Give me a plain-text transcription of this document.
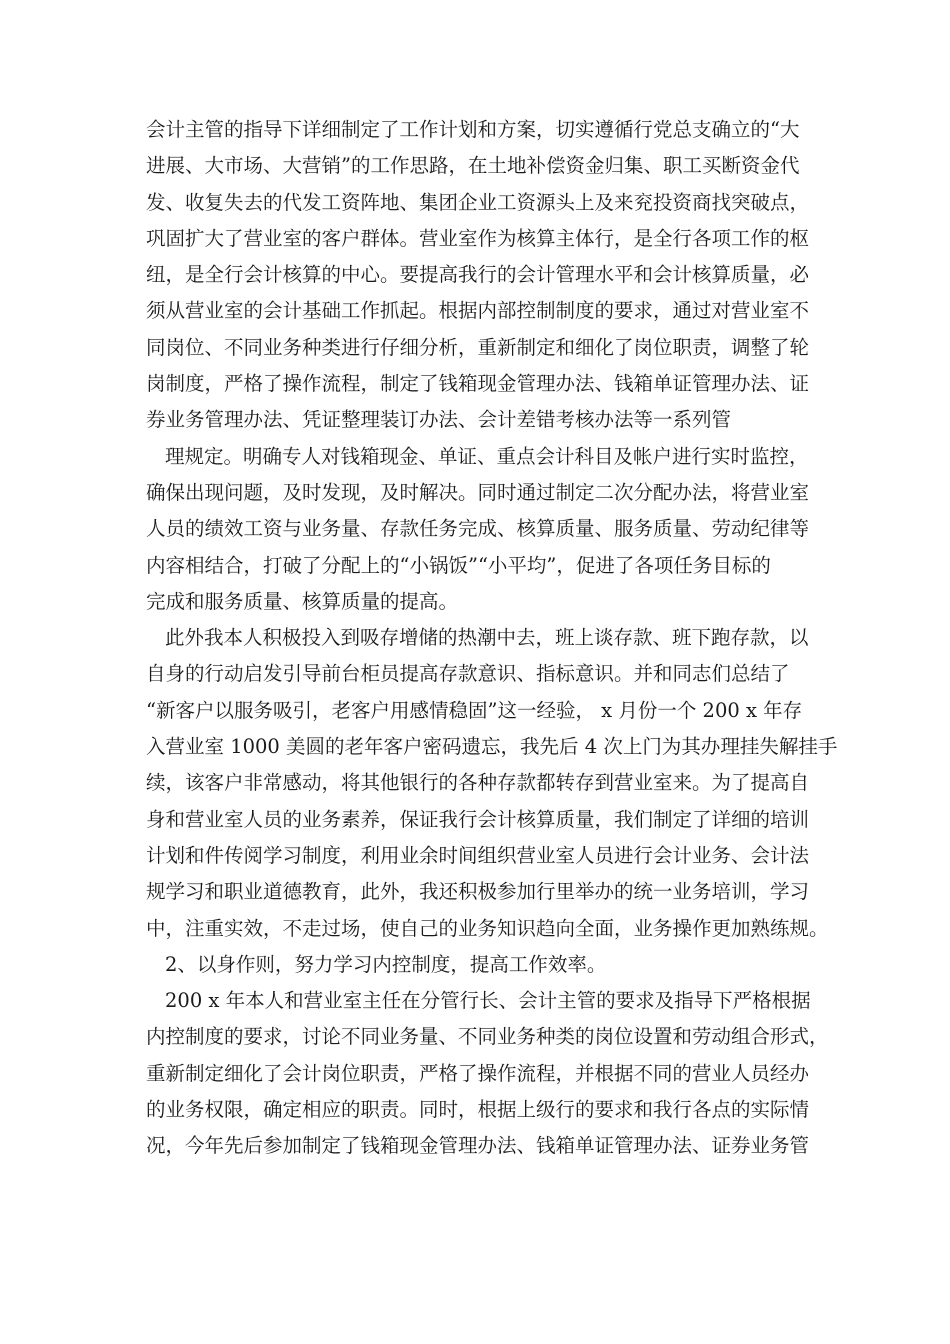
会计主管的指导下详细制定了工作计划和方案，切实遵循行党总支确立的“大
进展、大市场、大营销”的工作思路，在土地补偿资金归集、职工买断资金代
发、收复失去的代发工资阵地、集团企业工资源头上及来兖投资商找突破点，
巩固扩大了营业室的客户群体。营业室作为核算主体行，是全行各项工作的枢
纽，是全行会计核算的中心。要提高我行的会计管理水平和会计核算质量，必
须从营业室的会计基础工作抓起。根据内部控制制度的要求，通过对营业室不
同岗位、不同业务种类进行仔细分析，重新制定和细化了岗位职责，调整了轮
岗制度，严格了操作流程，制定了钱箱现金管理办法、钱箱单证管理办法、证
券业务管理办法、凭证整理装订办法、会计差错考核办法等一系列管
理规定。明确专人对钱箱现金、单证、重点会计科目及帐户进行实时监控，
确保出现问题，及时发现，及时解决。同时通过制定二次分配办法，将营业室
人员的绩效工资与业务量、存款任务完成、核算质量、服务质量、劳动纪律等
内容相结合，打破了分配上的“小锅饭”“小平均”，促进了各项任务目标的
完成和服务质量、核算质量的提高。
此外我本人积极投入到吸存增储的热潮中去，班上谈存款、班下跑存款，以
自身的行动启发引导前台柜员提高存款意识、指标意识。并和同志们总结了
“新客户以服务吸引，老客户用感情稳固”这一经验， x 月份一个 200 x 年存
入营业室 1000 美圆的老年客户密码遗忘，我先后 4 次上门为其办理挂失解挂手
续，该客户非常感动，将其他银行的各种存款都转存到营业室来。为了提高自
身和营业室人员的业务素养，保证我行会计核算质量，我们制定了详细的培训
计划和件传阅学习制度，利用业余时间组织营业室人员进行会计业务、会计法
规学习和职业道德教育，此外，我还积极参加行里举办的统一业务培训，学习
中，注重实效，不走过场，使自己的业务知识趋向全面，业务操作更加熟练规。
2、以身作则，努力学习内控制度，提高工作效率。
200 x 年本人和营业室主任在分管行长、会计主管的要求及指导下严格根据
内控制度的要求，讨论不同业务量、不同业务种类的岗位设置和劳动组合形式，
重新制定细化了会计岗位职责，严格了操作流程，并根据不同的营业人员经办
的业务权限，确定相应的职责。同时，根据上级行的要求和我行各点的实际情
况，今年先后参加制定了钱箱现金管理办法、钱箱单证管理办法、证券业务管
